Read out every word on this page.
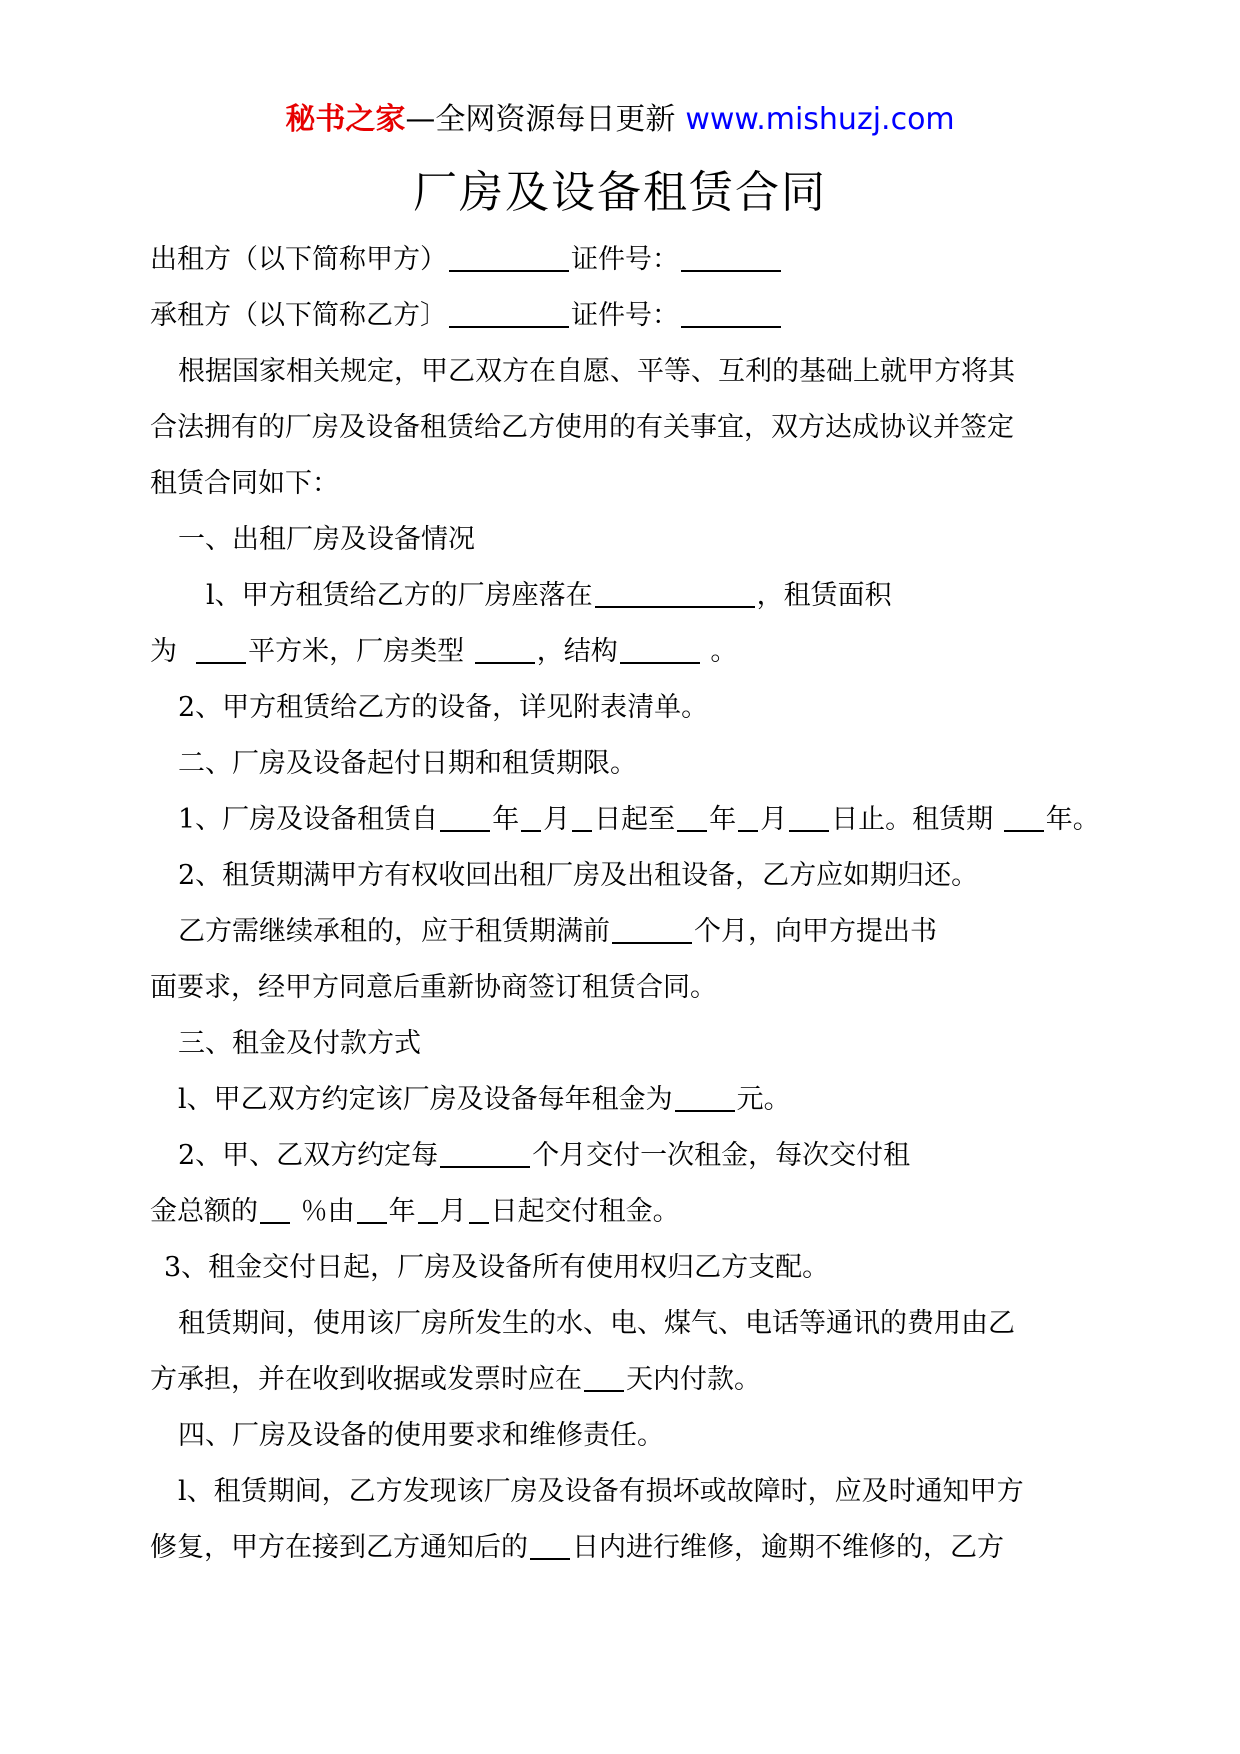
秘书之家—全网资源每日更新 www.mishuzj.com
厂房及设备租赁合同
出租方（以下简称甲方）	证件号：
承租方（以下简称乙方〕	证件号：
根据国家相关规定，甲乙双方在自愿、平等、互利的基础上就甲方将其
合法拥有的厂房及设备租赁给乙方使用的有关事宜，双方达成协议并签定
租赁合同如下：
一、出租厂房及设备情况
l、甲方租赁给乙方的厂房座落在	，租赁面积
为	平方米，厂房类型	，结构	。
2、甲方租赁给乙方的设备，详见附表清单。
二、厂房及设备起付日期和租赁期限。
1、厂房及设备租赁自 年 月 日起至 年 月 日止。租赁期 年。
2、租赁期满甲方有权收回出租厂房及出租设备，乙方应如期归还。
乙方需继续承租的，应于租赁期满前	个月，向甲方提出书
面要求，经甲方同意后重新协商签订租赁合同。
三、租金及付款方式
l、甲乙双方约定该厂房及设备每年租金为 元。
2、甲、乙双方约定每	个月交付一次租金，每次交付租
金总额的 ％由 年 月 日起交付租金。
3、租金交付日起，厂房及设备所有使用权归乙方支配。
租赁期间，使用该厂房所发生的水、电、煤气、电话等通讯的费用由乙
方承担，并在收到收据或发票时应在 天内付款。
四、厂房及设备的使用要求和维修责任。
l、租赁期间，乙方发现该厂房及设备有损坏或故障时，应及时通知甲方
修复，甲方在接到乙方通知后的 日内进行维修，逾期不维修的，乙方
